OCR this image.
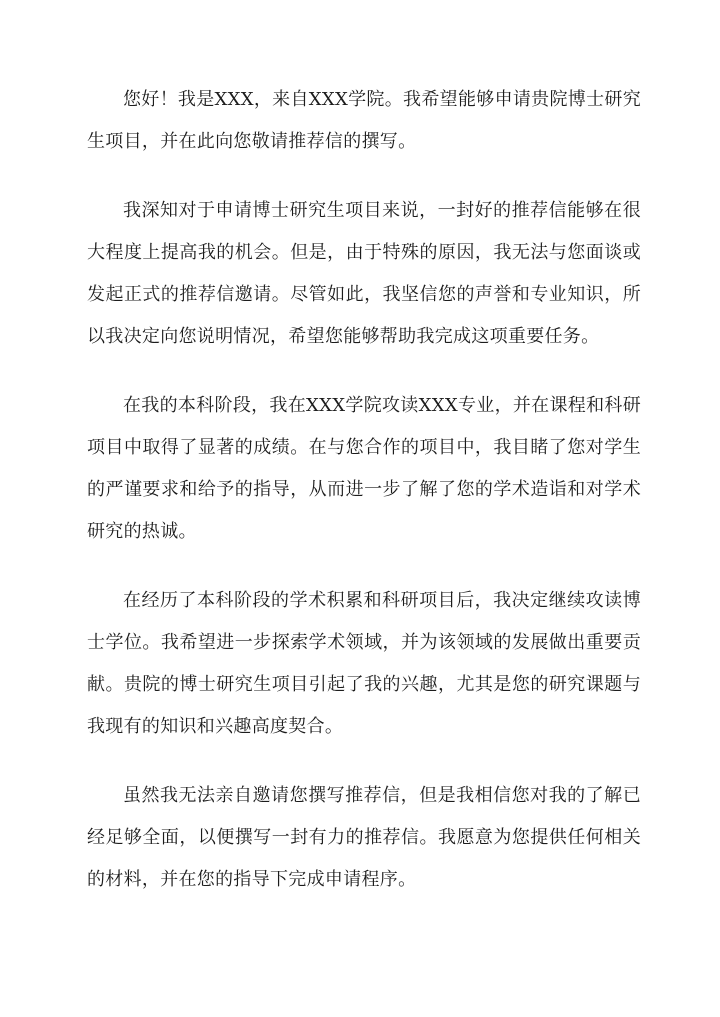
您好！我是XXX，来自XXX学院。我希望能够申请贵院博士研究生项目，并在此向您敬请推荐信的撰写。

我深知对于申请博士研究生项目来说，一封好的推荐信能够在很大程度上提高我的机会。但是，由于特殊的原因，我无法与您面谈或发起正式的推荐信邀请。尽管如此，我坚信您的声誉和专业知识，所以我决定向您说明情况，希望您能够帮助我完成这项重要任务。

在我的本科阶段，我在XXX学院攻读XXX专业，并在课程和科研项目中取得了显著的成绩。在与您合作的项目中，我目睹了您对学生的严谨要求和给予的指导，从而进一步了解了您的学术造诣和对学术研究的热诚。

在经历了本科阶段的学术积累和科研项目后，我决定继续攻读博士学位。我希望进一步探索学术领域，并为该领域的发展做出重要贡献。贵院的博士研究生项目引起了我的兴趣，尤其是您的研究课题与我现有的知识和兴趣高度契合。

虽然我无法亲自邀请您撰写推荐信，但是我相信您对我的了解已经足够全面，以便撰写一封有力的推荐信。我愿意为您提供任何相关的材料，并在您的指导下完成申请程序。
